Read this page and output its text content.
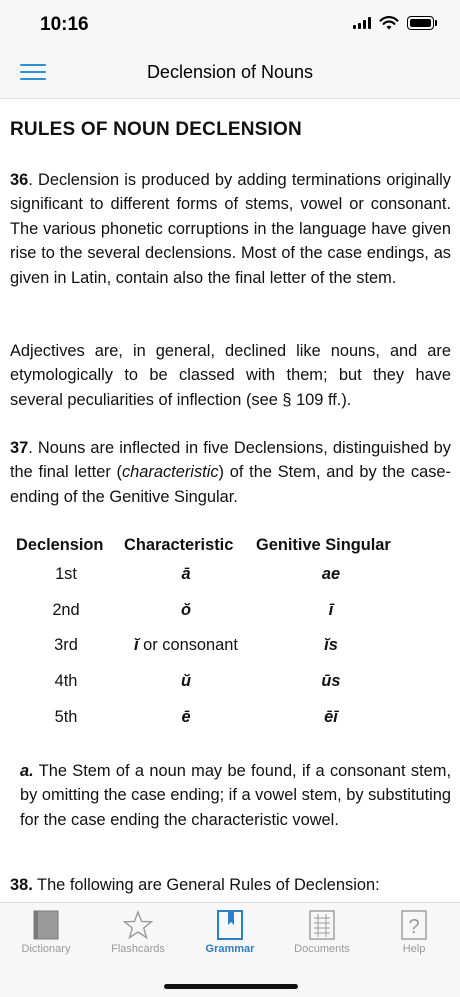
10:16
Declension of Nouns
RULES OF NOUN DECLENSION
36. Declension is produced by adding terminations originally significant to different forms of stems, vowel or consonant. The various phonetic corruptions in the language have given rise to the several declensions. Most of the case endings, as given in Latin, contain also the final letter of the stem.
Adjectives are, in general, declined like nouns, and are etymologically to be classed with them; but they have several peculiarities of inflection (see § 109 ff.).
37. Nouns are inflected in five Declensions, distinguished by the final letter (characteristic) of the Stem, and by the case-ending of the Genitive Singular.
Declension	Characteristic	Genitive Singular
1st	ā	ae
2nd	ŏ	ī
3rd	ĭ or consonant	ĭs
4th	ŭ	ūs
5th	ē	ēī
a. The Stem of a noun may be found, if a consonant stem, by omitting the case ending; if a vowel stem, by substituting for the case ending the characteristic vowel.
38. The following are General Rules of Declension:
Dictionary	Flashcards	Grammar	Documents
?
Help
